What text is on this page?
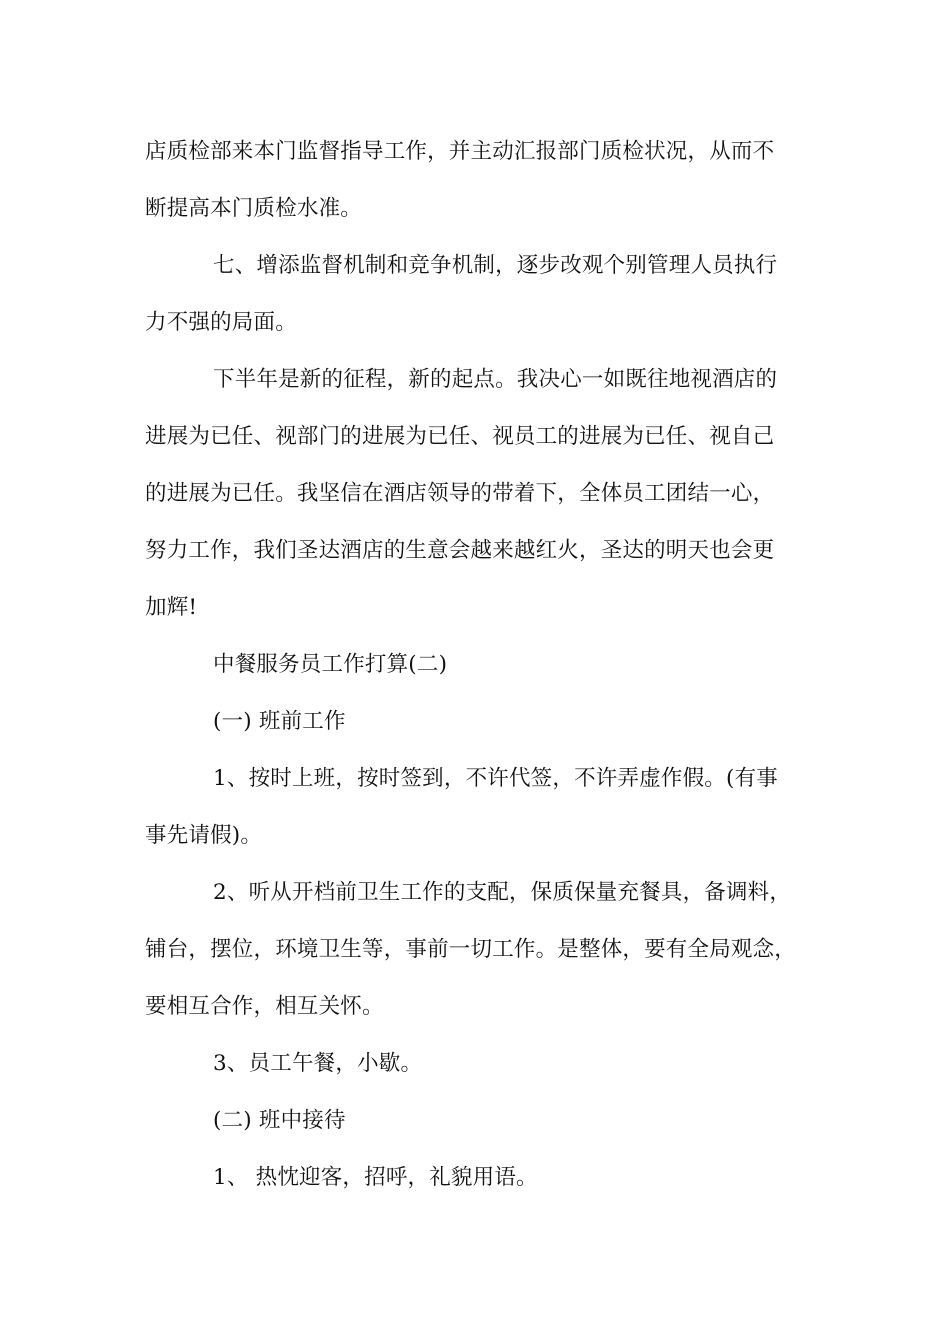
店质检部来本门监督指导工作，并主动汇报部门质检状况，从而不
断提高本门质检水准。
七、增添监督机制和竞争机制，逐步改观个别管理人员执行
力不强的局面。
下半年是新的征程，新的起点。我决心一如既往地视酒店的
进展为已任、视部门的进展为已任、视员工的进展为已任、视自己
的进展为已任。我坚信在酒店领导的带着下，全体员工团结一心，
努力工作，我们圣达酒店的生意会越来越红火，圣达的明天也会更
加辉!
中餐服务员工作打算(二)
(一) 班前工作
1、按时上班，按时签到，不许代签，不许弄虚作假。(有事
事先请假)。
2、听从开档前卫生工作的支配，保质保量充餐具，备调料，
铺台，摆位，环境卫生等，事前一切工作。是整体，要有全局观念，
要相互合作，相互关怀。
3、员工午餐，小歇。
(二) 班中接待
1、 热忱迎客，招呼，礼貌用语。
